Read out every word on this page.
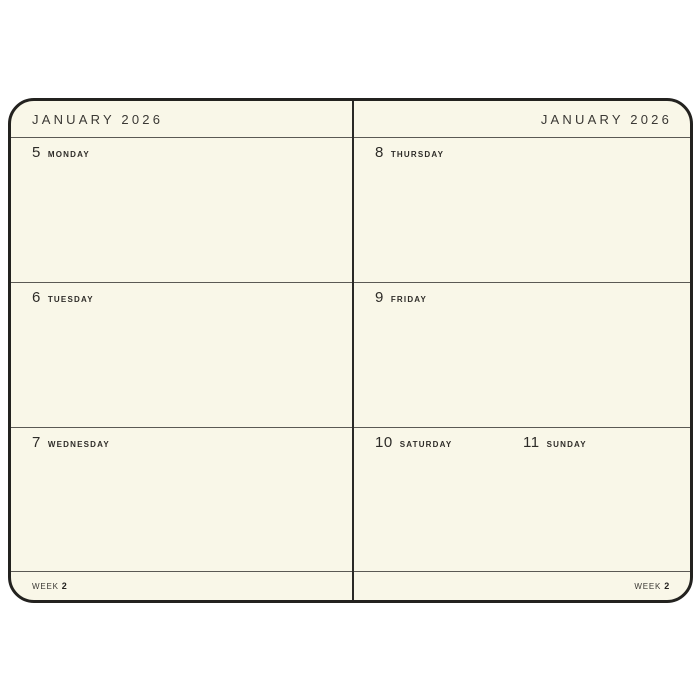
JANUARY 2026
5 MONDAY
6 TUESDAY
7 WEDNESDAY
WEEK 2
JANUARY 2026
8 THURSDAY
9 FRIDAY
10 SATURDAY	11 SUNDAY
WEEK 2
